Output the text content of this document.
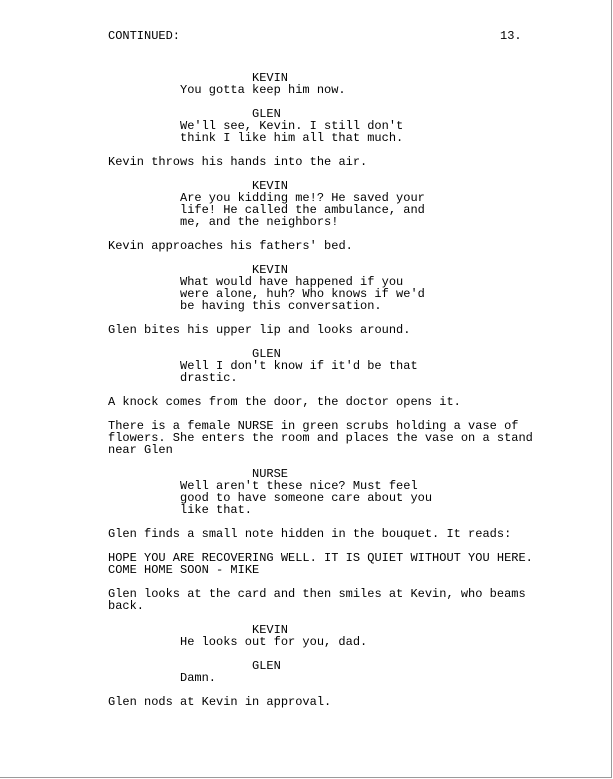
CONTINUED:	13.
KEVIN
You gotta keep him now.
GLEN
We'll see, Kevin. I still don't
think I like him all that much.
Kevin throws his hands into the air.
KEVIN
Are you kidding me!? He saved your
life! He called the ambulance, and
me, and the neighbors!
Kevin approaches his fathers' bed.
KEVIN
What would have happened if you
were alone, huh? Who knows if we'd
be having this conversation.
Glen bites his upper lip and looks around.
GLEN
Well I don't know if it'd be that
drastic.
A knock comes from the door, the doctor opens it.
There is a female NURSE in green scrubs holding a vase of
flowers. She enters the room and places the vase on a stand
near Glen
NURSE
Well aren't these nice? Must feel
good to have someone care about you
like that.
Glen finds a small note hidden in the bouquet. It reads:
HOPE YOU ARE RECOVERING WELL. IT IS QUIET WITHOUT YOU HERE.
COME HOME SOON - MIKE
Glen looks at the card and then smiles at Kevin, who beams
back.
KEVIN
He looks out for you, dad.
GLEN
Damn.
Glen nods at Kevin in approval.
